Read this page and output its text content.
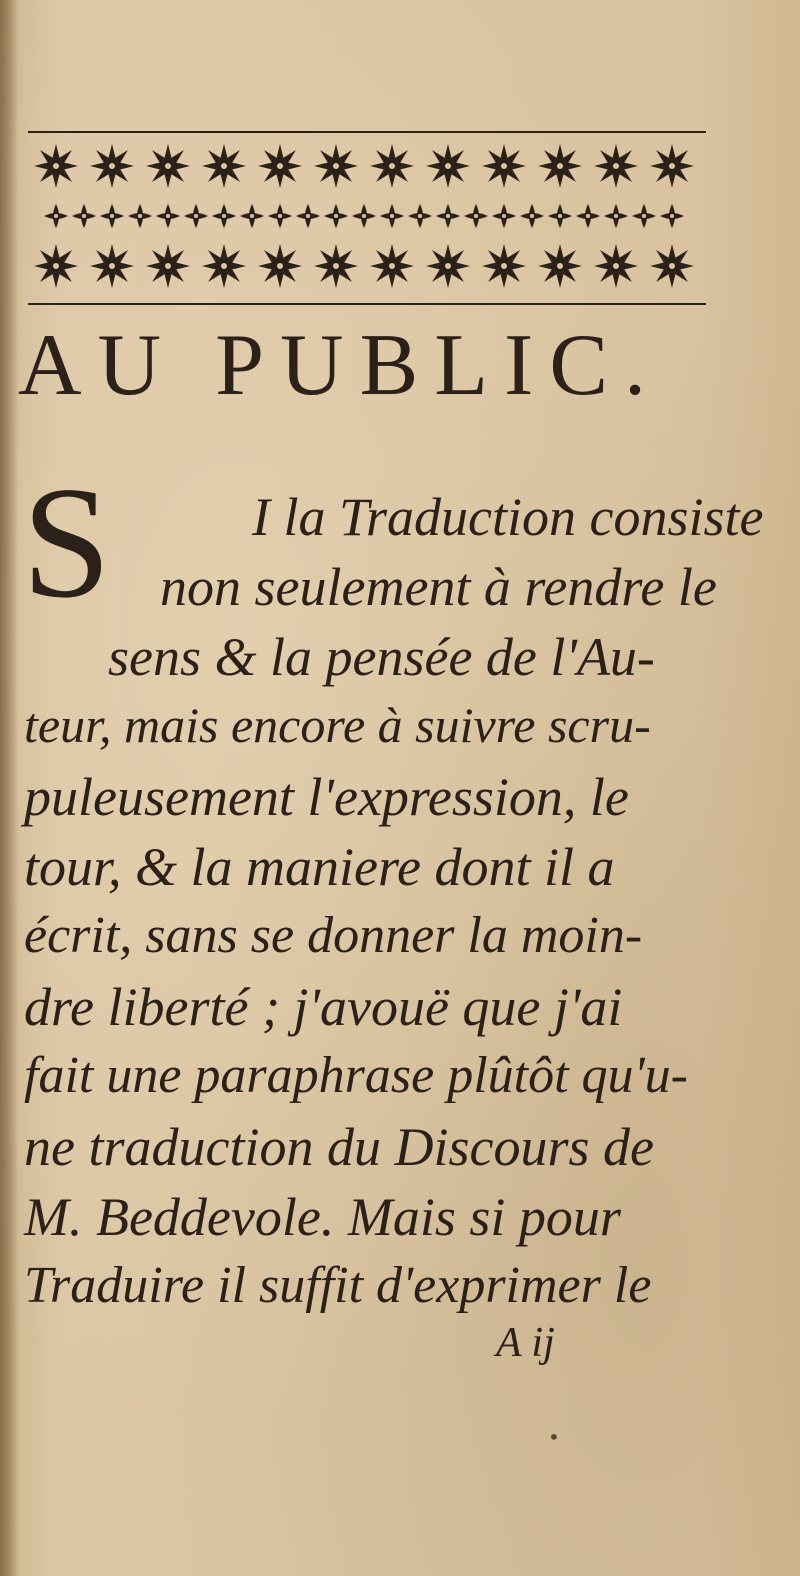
AU PUBLIC.
S	I la Traduction consiste
non seulement à rendre le
sens & la pensée de l'Au-
teur, mais encore à suivre scru-
puleusement l'expression, le
tour, & la maniere dont il a
écrit, sans se donner la moin-
dre liberté ; j'avouë que j'ai
fait une paraphrase plûtôt qu'u-
ne traduction du Discours de
M. Beddevole. Mais si pour
Traduire il suffit d'exprimer le
A ij
•
